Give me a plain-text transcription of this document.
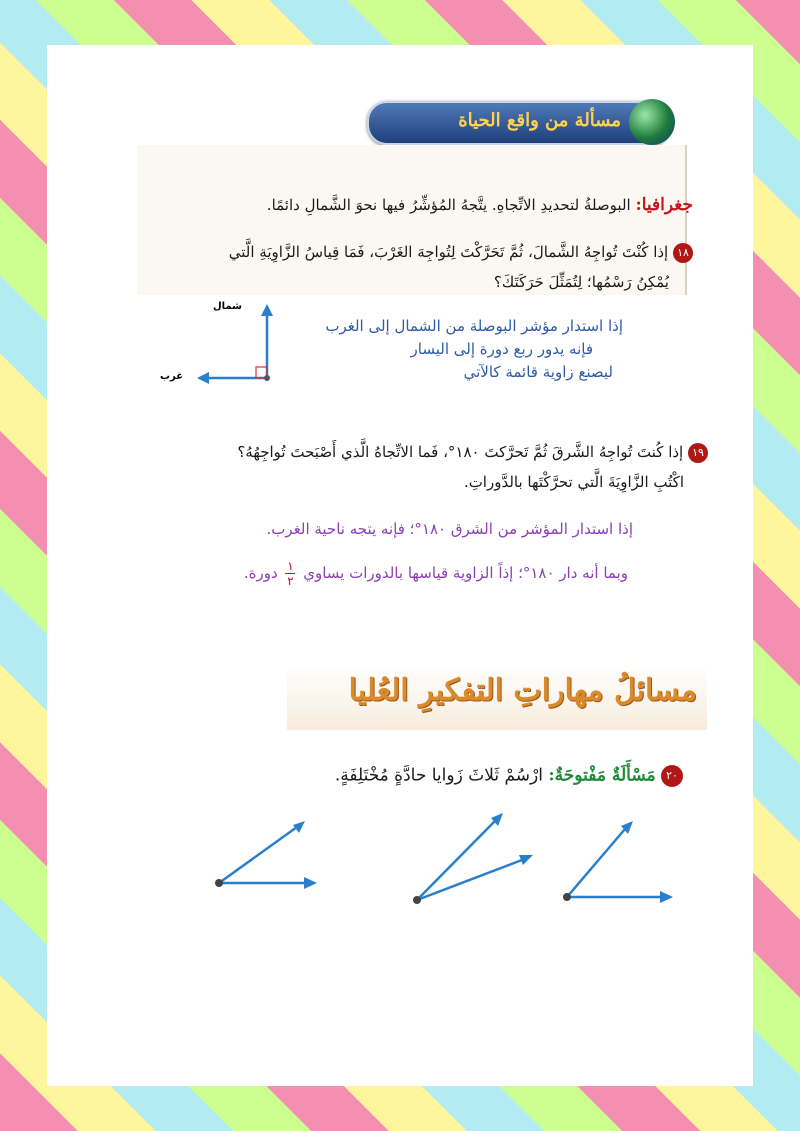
مسألة من واقع الحياة
جغرافيا: البوصلةُ لتحديدِ الاتِّجاهِ. يتَّجهُ المُؤشِّرُ فيها نحوَ الشَّمالِ دائمًا.
١٨ إذا كُنْتَ تُواجِهُ الشَّمالَ، ثُمَّ تَحَرَّكْتَ لِتُواجِهَ الغَرْبَ، فَمَا قِياسُ الزَّاوِيَةِ الَّتي
يُمْكِنُ رَسْمُها؛ لِتُمَثِّلَ حَرَكَتَكَ؟
شمال
غرب
إذا استدار مؤشر البوصلة من الشمال إلى الغرب
فإنه يدور ربع دورة إلى اليسار
ليصنع زاوية قائمة كالآتي
١٩ إذا كُنتَ تُواجِهُ الشَّرقَ ثُمَّ تَحرَّكتَ ١٨٠°، فَما الاتِّجاهُ الَّذي أَصْبَحتَ تُواجِهُهُ؟
اكْتُبِ الزَّاوِيَةَ الَّتي تحرَّكْتَها بالدَّوراتِ.
إذا استدار المؤشر من الشرق ١٨٠°؛ فإنه يتجه ناحية الغرب.
وبما أنه دار ١٨٠°؛ إذاً الزاوية قياسها بالدورات يساوي $\frac{١}{٢}$ دورة.
مسائلُ مهاراتِ التفكيرِ العُليا
٢٠ مَسْأَلَةٌ مَفْتوحَةٌ: ارْسُمْ ثَلاثَ زَوايا حادَّةٍ مُخْتَلِفَةٍ.
